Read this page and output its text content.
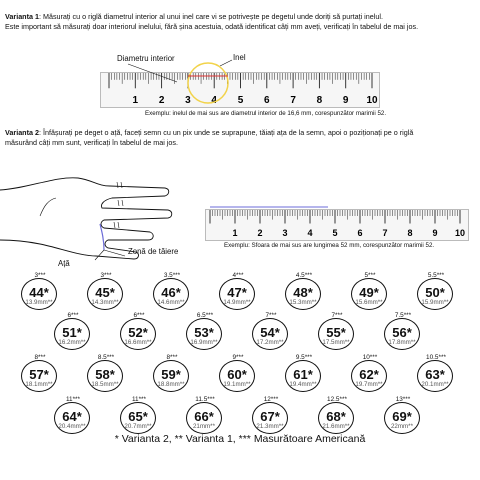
Varianta 1: Măsurați cu o riglă diametrul interior al unui inel care vi se potrivește pe degetul unde doriți să purtați inelul.
Este important să măsurați doar interiorul inelului, fără șina acestuia, odată identificat câți mm aveți, verificați în tabelul de mai jos.

Inel
Diametru interior
1 2 3 4 5 6 7 8 9 10
Exemplu: inelul de mai sus are diametrul interior de 16,6 mm, corespunzător marimii 52.

Varianta 2: Înfășurați pe deget o ață, faceți semn cu un pix unde se suprapune, tăiați ața de la semn, apoi o poziționați pe o riglă
măsurând câți mm sunt, verificați în tabelul de mai jos.

Zonă de tăiere
Ață
1 2 3 4 5 6 7 8 9 10
Exemplu: Sfoara de mai sus are lungimea 52 mm, corespunzător marimii 52.
3***
44*
13.9mm**
3***
45*
14.3mm**
3.5***
46*
14.6mm**
4***
47*
14.9mm**
4.5***
48*
15.3mm**
5***
49*
15.6mm**
5.5***
50*
15.9mm**
6***
51*
16.2mm**
6***
52*
16.6mm**
6.5***
53*
16.9mm**
7***
54*
17.2mm**
7***
55*
17.5mm**
7.5***
56*
17.8mm**
8***
57*
18.1mm**
8.5***
58*
18.5mm**
8***
59*
18.8mm**
9***
60*
19.1mm**
9.5***
61*
19.4mm**
10***
62*
19.7mm**
10.5***
63*
20.1mm**
11***
64*
20.4mm**
11***
65*
20.7mm**
11.5***
66*
21mm**
12***
67*
21.3mm**
12.5***
68*
21.6mm**
13***
69*
22mm**
* Varianta 2, ** Varianta 1, *** Masurătoare Americană
